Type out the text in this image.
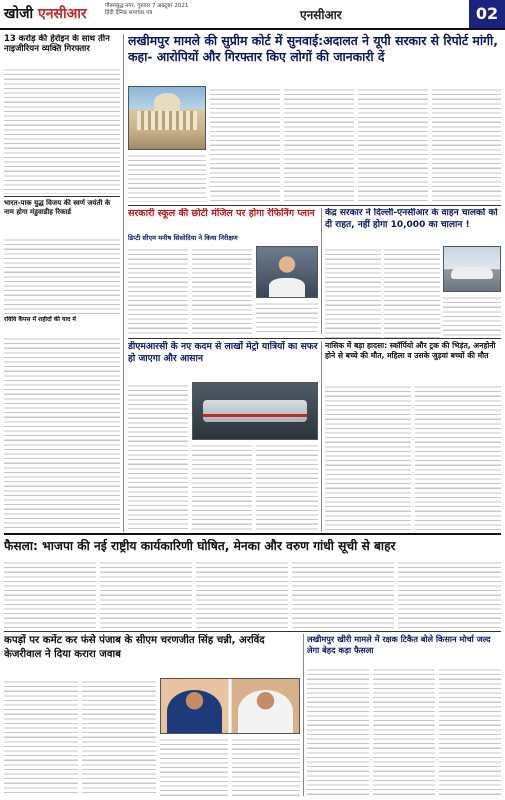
खोजी एनसीआर	गौतमबुद्ध नगर, गुरुवार 7 अक्टूबर 2021
हिंदी दैनिक समाचार पत्र	एनसीआर	02
13 करोड़ की हेरोइन के साथ तीन नाइजीरियन व्यक्ति गिरफ्तार
भारत-पाक युद्ध विजय की स्वर्ण जयंती के नाम होगा मंडुवाडीह रिकार्ड
रविवि कैंपस में शहीदों की याद में
लखीमपुर मामले की सुप्रीम कोर्ट में सुनवाई:अदालत ने यूपी सरकार से रिपोर्ट मांगी, कहा- आरोपियों और गिरफ्तार किए लोगों की जानकारी दें
सरकारी स्कूल की छोटी मंजिल पर होगा रेफिनिंग प्लान
डिप्टी सीएम मनीष सिसोदिया ने किया निरीक्षण
केंद्र सरकार ने दिल्ली-एनसीआर के वाहन चालकों को दी राहत, नहीं होगा 10,000 का चालान !
डीएमआरसी के नए कदम से लाखों मेट्रो यात्रियों का सफर हो जाएगा और आसान
नासिक में बड़ा हादसा: स्कॉर्पियो और ट्रक की भिड़ंत, अनहोनी होने से बच्चे की मौत, महिला व उसके जुड़वां बच्चों की मौत
फैसला: भाजपा की नई राष्ट्रीय कार्यकारिणी घोषित, मेनका और वरुण गांधी सूची से बाहर
कपड़ों पर कमेंट कर फंसे पंजाब के सीएम चरणजीत सिंह चन्नी, अरविंद केजरीवाल ने दिया करारा जवाब
लखीमपुर खीरी मामले में रक्षक टिकैत बोले किसान मोर्चा जल्द लेगा बेहद कड़ा फैसला
